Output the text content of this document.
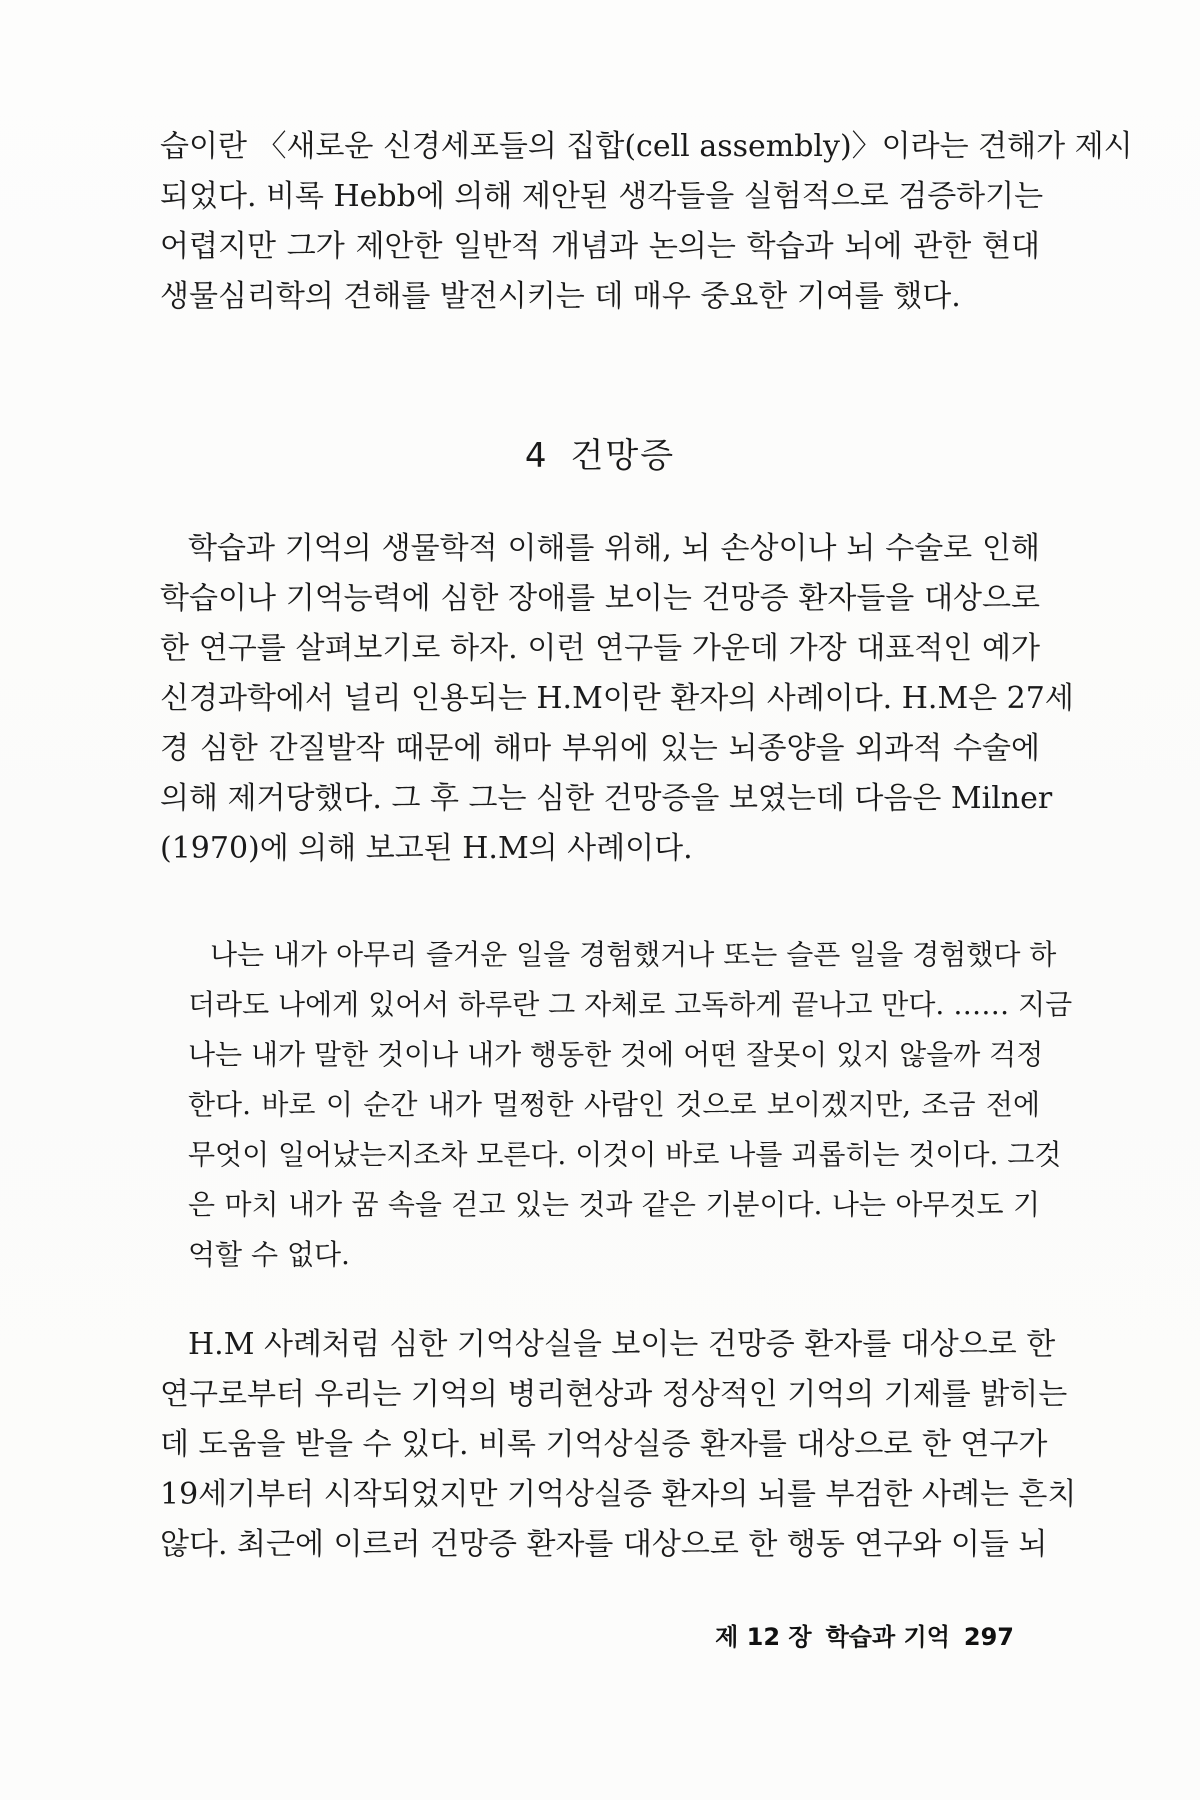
습이란 〈새로운 신경세포들의 집합(cell assembly)〉이라는 견해가 제시
되었다. 비록 Hebb에 의해 제안된 생각들을 실험적으로 검증하기는
어렵지만 그가 제안한 일반적 개념과 논의는 학습과 뇌에 관한 현대
생물심리학의 견해를 발전시키는 데 매우 중요한 기여를 했다.
4 건망증
학습과 기억의 생물학적 이해를 위해, 뇌 손상이나 뇌 수술로 인해
학습이나 기억능력에 심한 장애를 보이는 건망증 환자들을 대상으로
한 연구를 살펴보기로 하자. 이런 연구들 가운데 가장 대표적인 예가
신경과학에서 널리 인용되는 H.M이란 환자의 사례이다. H.M은 27세
경 심한 간질발작 때문에 해마 부위에 있는 뇌종양을 외과적 수술에
의해 제거당했다. 그 후 그는 심한 건망증을 보였는데 다음은 Milner
(1970)에 의해 보고된 H.M의 사례이다.
나는 내가 아무리 즐거운 일을 경험했거나 또는 슬픈 일을 경험했다 하
더라도 나에게 있어서 하루란 그 자체로 고독하게 끝나고 만다. …… 지금
나는 내가 말한 것이나 내가 행동한 것에 어떤 잘못이 있지 않을까 걱정
한다. 바로 이 순간 내가 멀쩡한 사람인 것으로 보이겠지만, 조금 전에
무엇이 일어났는지조차 모른다. 이것이 바로 나를 괴롭히는 것이다. 그것
은 마치 내가 꿈 속을 걷고 있는 것과 같은 기분이다. 나는 아무것도 기
억할 수 없다.
H.M 사례처럼 심한 기억상실을 보이는 건망증 환자를 대상으로 한
연구로부터 우리는 기억의 병리현상과 정상적인 기억의 기제를 밝히는
데 도움을 받을 수 있다. 비록 기억상실증 환자를 대상으로 한 연구가
19세기부터 시작되었지만 기억상실증 환자의 뇌를 부검한 사례는 흔치
않다. 최근에 이르러 건망증 환자를 대상으로 한 행동 연구와 이들 뇌
제 12 장 학습과 기억 297
